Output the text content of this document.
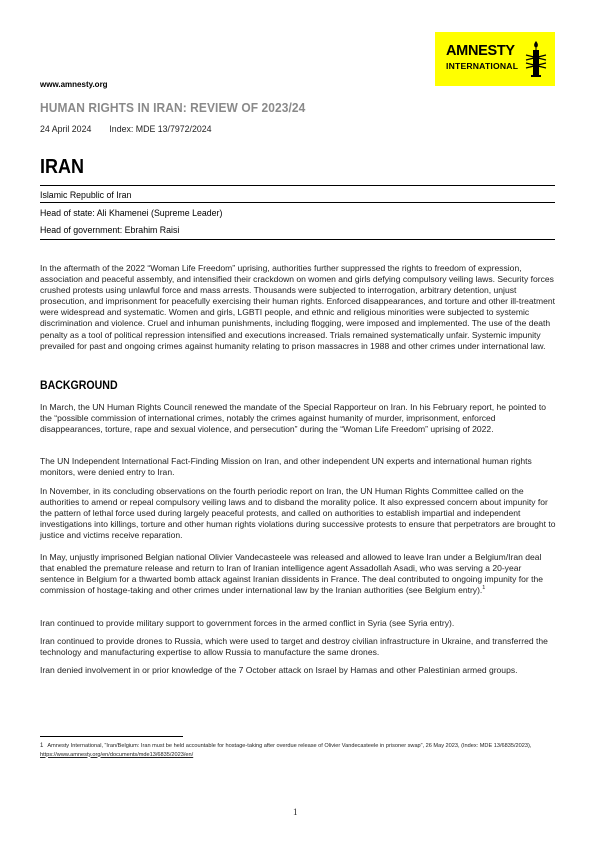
AMNESTY
INTERNATIONAL
www.amnesty.org
HUMAN RIGHTS IN IRAN: REVIEW OF 2023/24
24 April 2024 Index: MDE 13/7972/2024
IRAN
Islamic Republic of Iran
Head of state: Ali Khamenei (Supreme Leader)
Head of government: Ebrahim Raisi

In the aftermath of the 2022 “Woman Life Freedom” uprising, authorities further suppressed the rights to freedom of expression, association and peaceful assembly, and intensified their crackdown on women and girls defying compulsory veiling laws. Security forces crushed protests using unlawful force and mass arrests. Thousands were subjected to interrogation, arbitrary detention, unjust prosecution, and imprisonment for peacefully exercising their human rights. Enforced disappearances, and torture and other ill-treatment were widespread and systematic. Women and girls, LGBTI people, and ethnic and religious minorities were subjected to systemic discrimination and violence. Cruel and inhuman punishments, including flogging, were imposed and implemented. The use of the death penalty as a tool of political repression intensified and executions increased. Trials remained systematically unfair. Systemic impunity prevailed for past and ongoing crimes against humanity relating to prison massacres in 1988 and other crimes under international law.

BACKGROUND

In March, the UN Human Rights Council renewed the mandate of the Special Rapporteur on Iran. In his February report, he pointed to the “possible commission of international crimes, notably the crimes against humanity of murder, imprisonment, enforced disappearances, torture, rape and sexual violence, and persecution” during the “Woman Life Freedom” uprising of 2022.

The UN Independent International Fact-Finding Mission on Iran, and other independent UN experts and international human rights monitors, were denied entry to Iran.

In November, in its concluding observations on the fourth periodic report on Iran, the UN Human Rights Committee called on the authorities to amend or repeal compulsory veiling laws and to disband the morality police. It also expressed concern about impunity for the pattern of lethal force used during largely peaceful protests, and called on authorities to establish impartial and independent investigations into killings, torture and other human rights violations during successive protests to ensure that perpetrators are brought to justice and victims receive reparation.

In May, unjustly imprisoned Belgian national Olivier Vandecasteele was released and allowed to leave Iran under a Belgium/Iran deal that enabled the premature release and return to Iran of Iranian intelligence agent Assadollah Asadi, who was serving a 20-year sentence in Belgium for a thwarted bomb attack against Iranian dissidents in France. The deal contributed to ongoing impunity for the commission of hostage-taking and other crimes under international law by the Iranian authorities (see Belgium entry).$^1$

Iran continued to provide military support to government forces in the armed conflict in Syria (see Syria entry).

Iran continued to provide drones to Russia, which were used to target and destroy civilian infrastructure in Ukraine, and transferred the technology and manufacturing expertise to allow Russia to manufacture the same drones.

Iran denied involvement in or prior knowledge of the 7 October attack on Israel by Hamas and other Palestinian armed groups.

1 Amnesty International, “Iran/Belgium: Iran must be held accountable for hostage-taking after overdue release of Olivier Vandecasteele in prisoner swap”, 26 May 2023, (Index: MDE 13/6835/2023), https://www.amnesty.org/en/documents/mde13/6835/2023/en/
1
